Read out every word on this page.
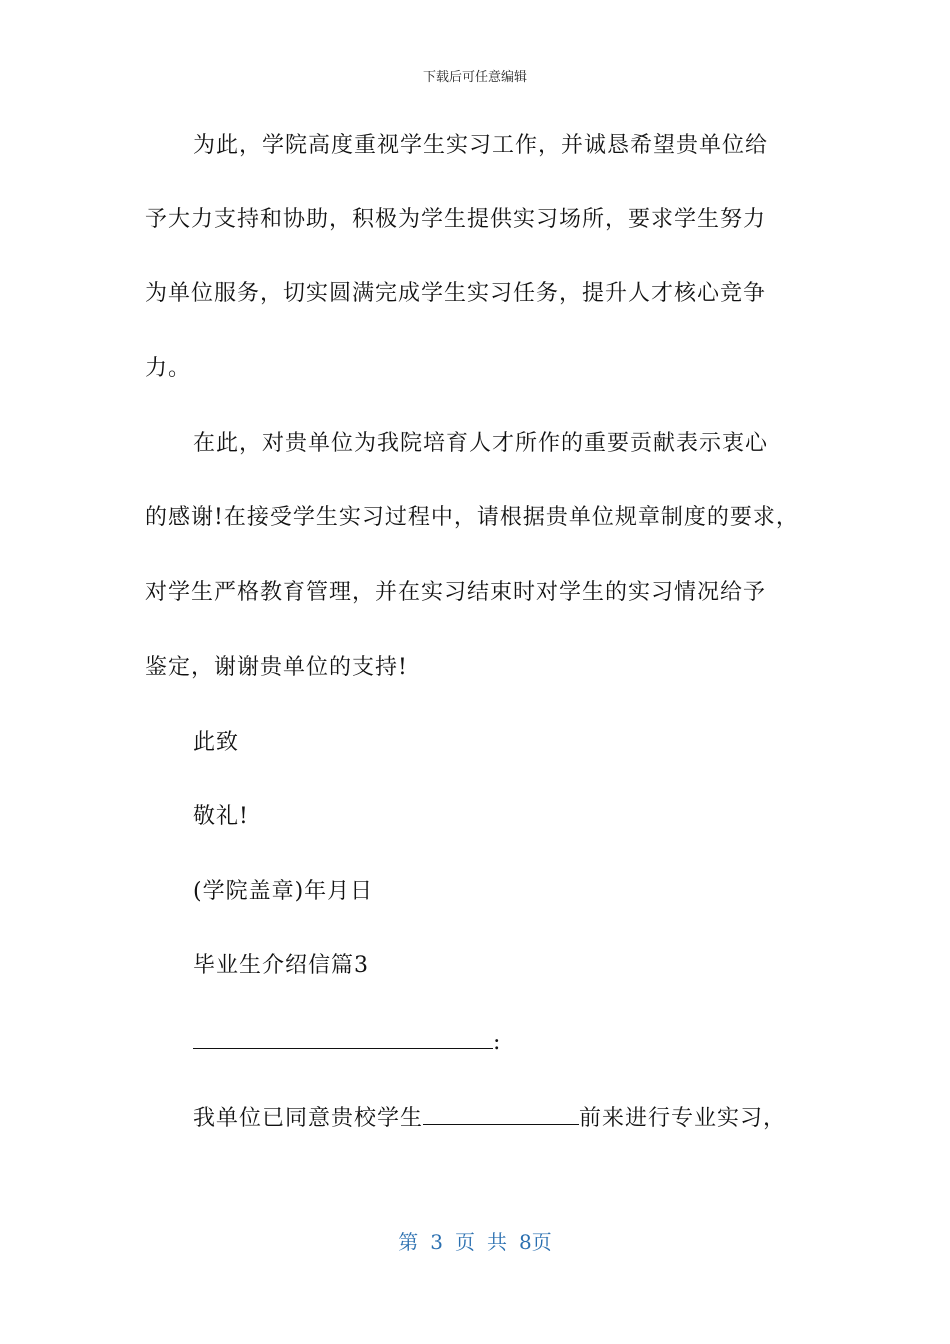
下载后可任意编辑
为此，学院高度重视学生实习工作，并诚恳希望贵单位给
予大力支持和协助，积极为学生提供实习场所，要求学生努力
为单位服务，切实圆满完成学生实习任务，提升人才核心竞争
力。
在此，对贵单位为我院培育人才所作的重要贡献表示衷心
的感谢!在接受学生实习过程中，请根据贵单位规章制度的要求，
对学生严格教育管理，并在实习结束时对学生的实习情况给予
鉴定，谢谢贵单位的支持!
此致
敬礼!
(学院盖章)年月日
毕业生介绍信篇3
:
我单位已同意贵校学生	前来进行专业实习，
第 3 页 共 8页
